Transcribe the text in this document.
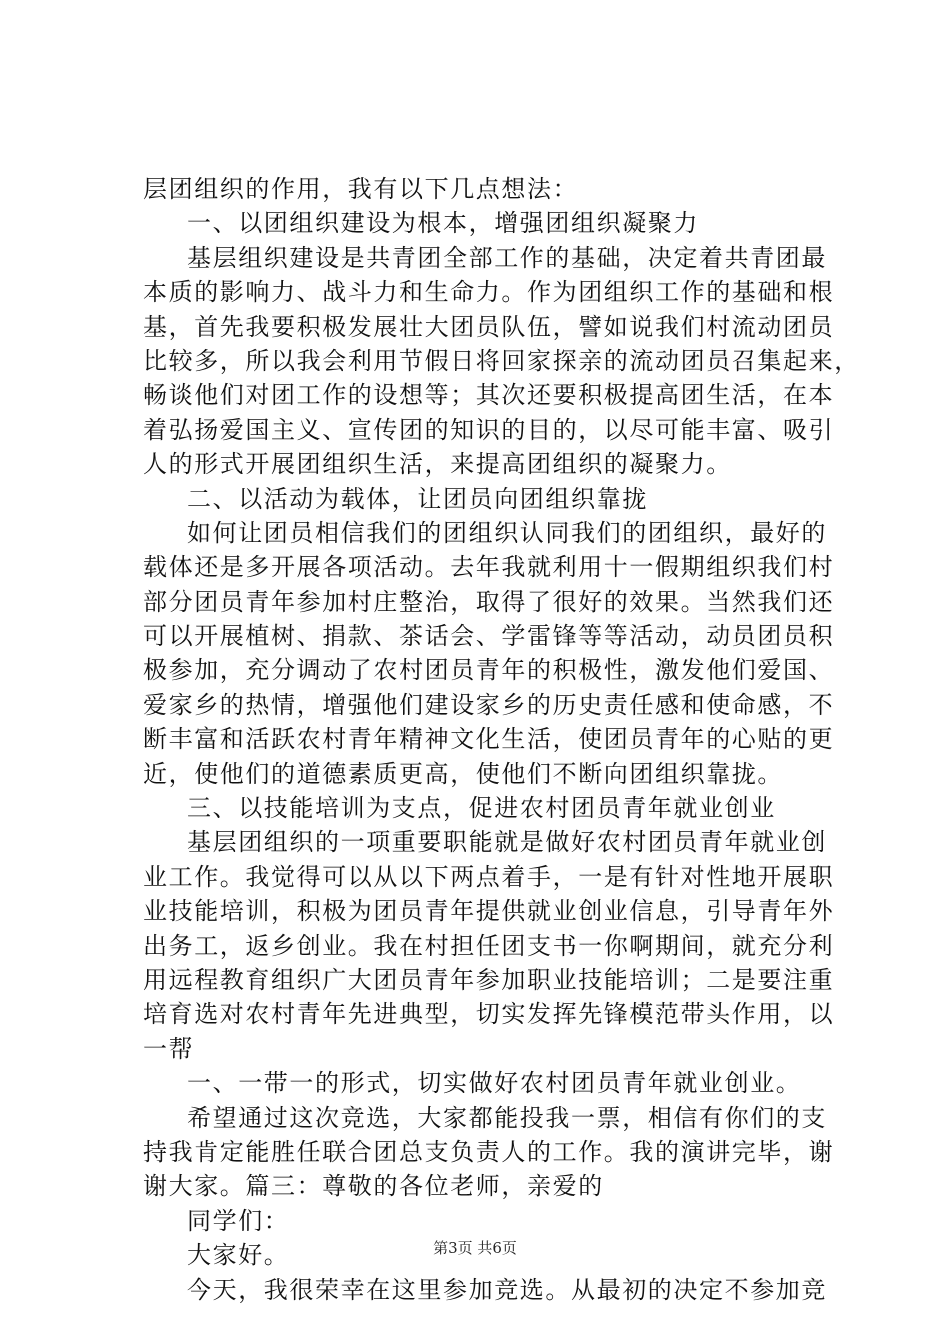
层团组织的作用，我有以下几点想法：
一、以团组织建设为根本，增强团组织凝聚力
基层组织建设是共青团全部工作的基础，决定着共青团最
本质的影响力、战斗力和生命力。作为团组织工作的基础和根
基，首先我要积极发展壮大团员队伍，譬如说我们村流动团员
比较多，所以我会利用节假日将回家探亲的流动团员召集起来，
畅谈他们对团工作的设想等；其次还要积极提高团生活，在本
着弘扬爱国主义、宣传团的知识的目的，以尽可能丰富、吸引
人的形式开展团组织生活，来提高团组织的凝聚力。
二、以活动为载体，让团员向团组织靠拢
如何让团员相信我们的团组织认同我们的团组织，最好的
载体还是多开展各项活动。去年我就利用十一假期组织我们村
部分团员青年参加村庄整治，取得了很好的效果。当然我们还
可以开展植树、捐款、茶话会、学雷锋等等活动，动员团员积
极参加，充分调动了农村团员青年的积极性，激发他们爱国、
爱家乡的热情，增强他们建设家乡的历史责任感和使命感，不
断丰富和活跃农村青年精神文化生活，使团员青年的心贴的更
近，使他们的道德素质更高，使他们不断向团组织靠拢。
三、以技能培训为支点，促进农村团员青年就业创业
基层团组织的一项重要职能就是做好农村团员青年就业创
业工作。我觉得可以从以下两点着手，一是有针对性地开展职
业技能培训，积极为团员青年提供就业创业信息，引导青年外
出务工，返乡创业。我在村担任团支书一你啊期间，就充分利
用远程教育组织广大团员青年参加职业技能培训；二是要注重
培育选对农村青年先进典型，切实发挥先锋模范带头作用，以
一帮
一、一带一的形式，切实做好农村团员青年就业创业。
希望通过这次竞选，大家都能投我一票，相信有你们的支
持我肯定能胜任联合团总支负责人的工作。我的演讲完毕，谢
谢大家。篇三：尊敬的各位老师，亲爱的
同学们：
大家好。
今天，我很荣幸在这里参加竞选。从最初的决定不参加竞
第3页 共6页
